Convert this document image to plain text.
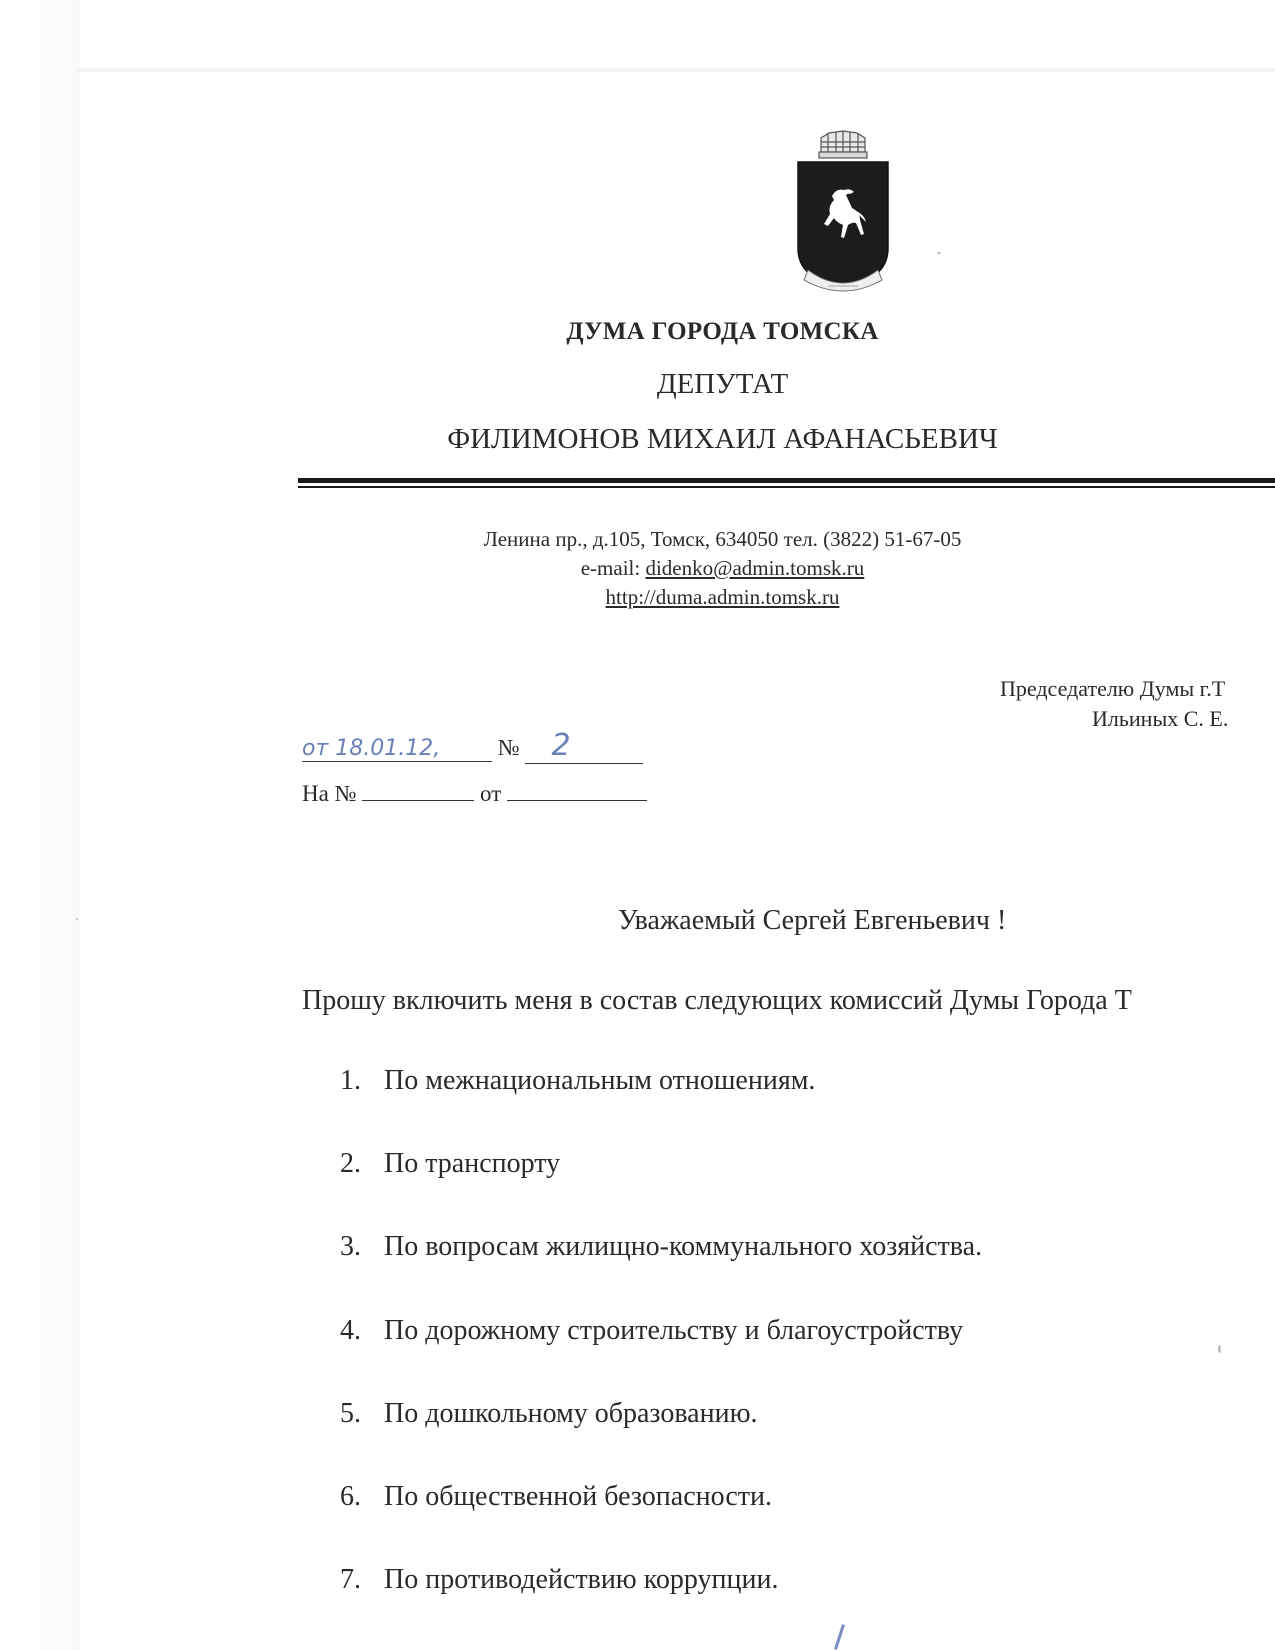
ДУМА ГОРОДА ТОМСКА
ДЕПУТАТ
ФИЛИМОНОВ МИХАИЛ АФАНАСЬЕВИЧ
Ленина пр., д.105, Томск, 634050 тел. (3822) 51-67-05
e-mail: didenko@admin.tomsk.ru
http://duma.admin.tomsk.ru
Председателю Думы г.Т
Ильиных С. Е.
от 18.01.12,	№ 2
На №	от
Уважаемый Сергей Евгеньевич !
Прошу включить меня в состав следующих комиссий Думы Города Т
1. По межнациональным отношениям.
2. По транспорту
3. По вопросам жилищно-коммунального хозяйства.
4. По дорожному строительству и благоустройству
5. По дошкольному образованию.
6. По общественной безопасности.
7. По противодействию коррупции.
